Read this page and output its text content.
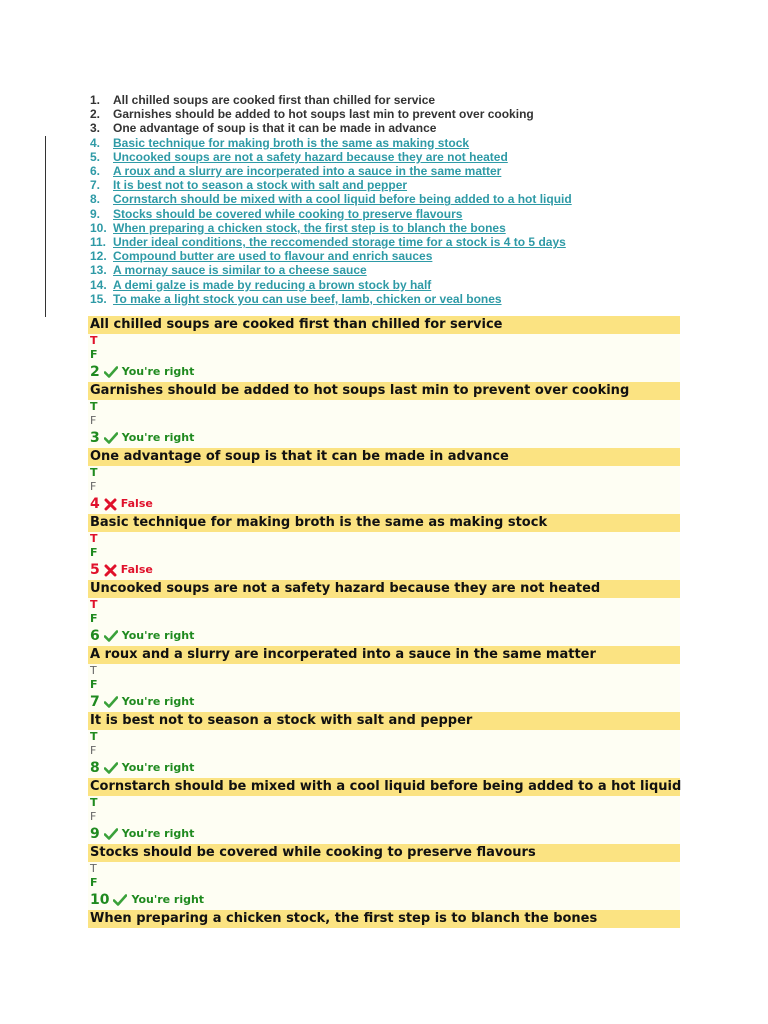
1. All chilled soups are cooked first than chilled for service
2. Garnishes should be added to hot soups last min to prevent over cooking
3. One advantage of soup is that it can be made in advance
4. Basic technique for making broth is the same as making stock
5. Uncooked soups are not a safety hazard because they are not heated
6. A roux and a slurry are incorperated into a sauce in the same matter
7. It is best not to season a stock with salt and pepper
8. Cornstarch should be mixed with a cool liquid before being added to a hot liquid
9. Stocks should be covered while cooking to preserve flavours
10. When preparing a chicken stock, the first step is to blanch the bones
11. Under ideal conditions, the reccomended storage time for a stock is 4 to 5 days
12. Compound butter are used to flavour and enrich sauces
13. A mornay sauce is similar to a cheese sauce
14. A demi galze is made by reducing a brown stock by half
15. To make a light stock you can use beef, lamb, chicken or veal bones
All chilled soups are cooked first than chilled for service
T
F
2 You're right
Garnishes should be added to hot soups last min to prevent over cooking
T
F
3 You're right
One advantage of soup is that it can be made in advance
T
F
4 False
Basic technique for making broth is the same as making stock
T
F
5 False
Uncooked soups are not a safety hazard because they are not heated
T
F
6 You're right
A roux and a slurry are incorperated into a sauce in the same matter
T
F
7 You're right
It is best not to season a stock with salt and pepper
T
F
8 You're right
Cornstarch should be mixed with a cool liquid before being added to a hot liquid
T
F
9 You're right
Stocks should be covered while cooking to preserve flavours
T
F
10 You're right
When preparing a chicken stock, the first step is to blanch the bones
